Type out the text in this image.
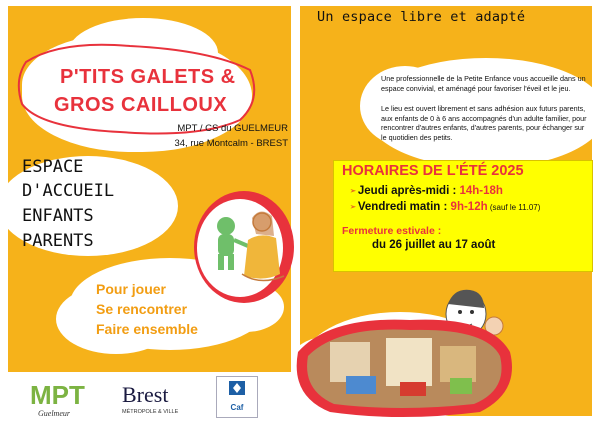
P'TITS GALETS &
GROS CAILLOUX
MPT / CS du GUELMEUR
34, rue Montcalm - BREST
ESPACE
D'ACCUEIL
ENFANTS
PARENTS
Pour jouer
Se rencontrer
Faire ensemble
Un espace libre et adapté
Une professionnelle de la Petite Enfance vous accueille dans un espace convivial, et aménagé pour favoriser l'éveil et le jeu.
Le lieu est ouvert librement et sans adhésion aux futurs parents, aux enfants de 0 à 6 ans accompagnés d'un adulte familier, pour rencontrer d'autres enfants, d'autres parents, pour échanger sur le quotidien des petits.
HORAIRES DE L'ÉTÉ 2025
➢ Jeudi après-midi : 14h-18h
➢ Vendredi matin : 9h-12h (sauf le 11.07)
Fermeture estivale :
du 26 juillet au 17 août
MPT
Guelmeur
Brest
MÉTROPOLE & VILLE	Caf
